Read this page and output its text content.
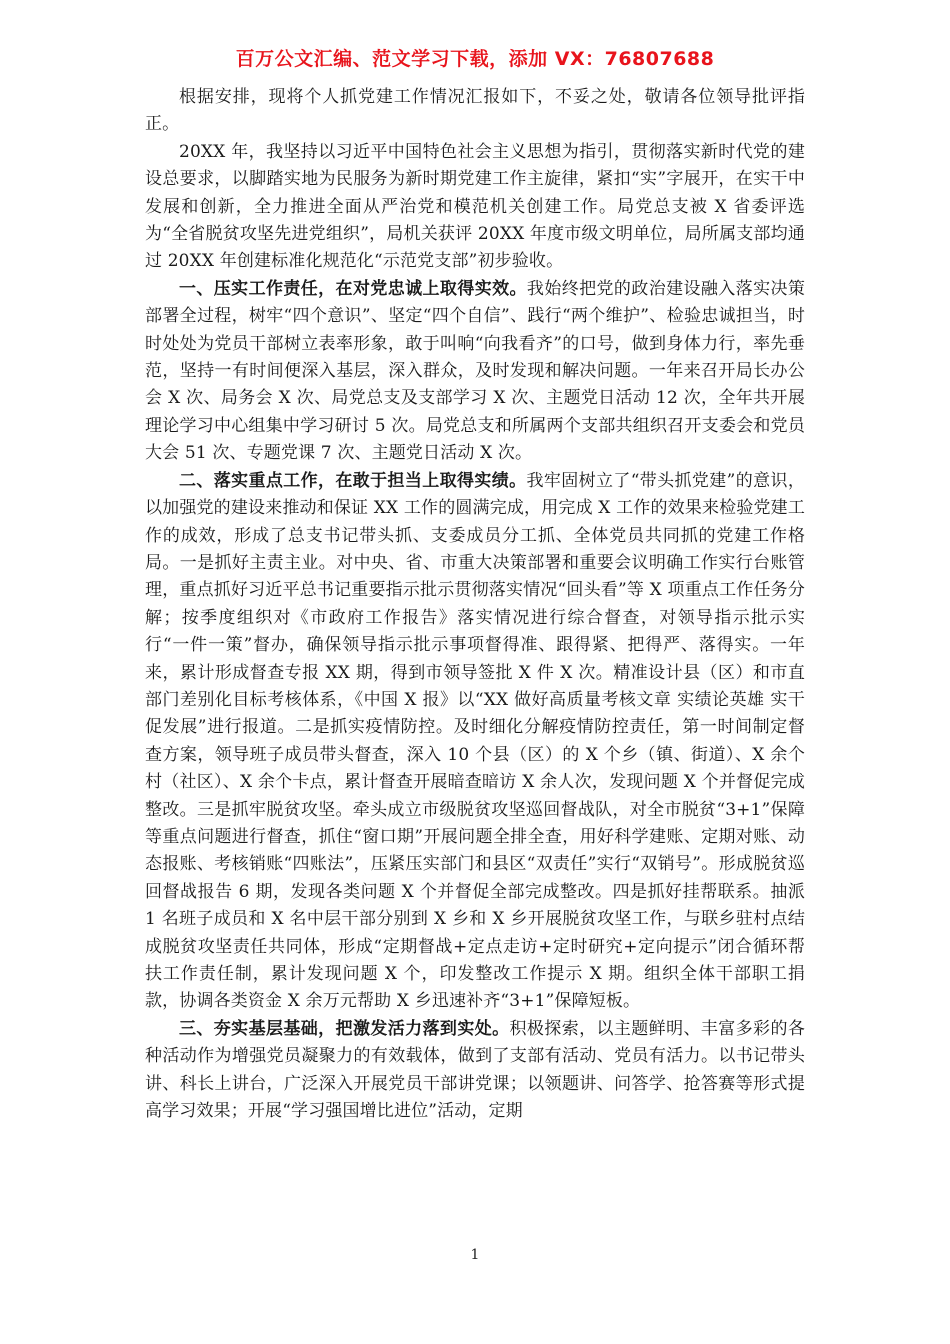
百万公文汇编、范文学习下载，添加 VX：76807688

根据安排，现将个人抓党建工作情况汇报如下，不妥之处，敬请各位领导批评指正。

20XX 年，我坚持以习近平中国特色社会主义思想为指引，贯彻落实新时代党的建设总要求，以脚踏实地为民服务为新时期党建工作主旋律，紧扣“实”字展开，在实干中发展和创新，全力推进全面从严治党和模范机关创建工作。局党总支被 X 省委评选为“全省脱贫攻坚先进党组织”，局机关获评 20XX 年度市级文明单位，局所属支部均通过 20XX 年创建标准化规范化“示范党支部”初步验收。

一、压实工作责任，在对党忠诚上取得实效。我始终把党的政治建设融入落实决策部署全过程，树牢“四个意识”、坚定“四个自信”、践行“两个维护”、检验忠诚担当，时时处处为党员干部树立表率形象，敢于叫响“向我看齐”的口号，做到身体力行，率先垂范，坚持一有时间便深入基层，深入群众，及时发现和解决问题。一年来召开局长办公会 X 次、局务会 X 次、局党总支及支部学习 X 次、主题党日活动 12 次，全年共开展理论学习中心组集中学习研讨 5 次。局党总支和所属两个支部共组织召开支委会和党员大会 51 次、专题党课 7 次、主题党日活动 X 次。

二、落实重点工作，在敢于担当上取得实绩。我牢固树立了“带头抓党建”的意识，以加强党的建设来推动和保证 XX 工作的圆满完成，用完成 X 工作的效果来检验党建工作的成效，形成了总支书记带头抓、支委成员分工抓、全体党员共同抓的党建工作格局。一是抓好主责主业。对中央、省、市重大决策部署和重要会议明确工作实行台账管理，重点抓好习近平总书记重要指示批示贯彻落实情况“回头看”等 X 项重点工作任务分解；按季度组织对《市政府工作报告》落实情况进行综合督查，对领导指示批示实行“一件一策”督办，确保领导指示批示事项督得准、跟得紧、把得严、落得实。一年来，累计形成督查专报 XX 期，得到市领导签批 X 件 X 次。精准设计县（区）和市直部门差别化目标考核体系，《中国 X 报》以“XX 做好高质量考核文章 实绩论英雄 实干促发展”进行报道。二是抓实疫情防控。及时细化分解疫情防控责任，第一时间制定督查方案，领导班子成员带头督查，深入 10 个县（区）的 X 个乡（镇、街道）、X 余个村（社区）、X 余个卡点，累计督查开展暗查暗访 X 余人次，发现问题 X 个并督促完成整改。三是抓牢脱贫攻坚。牵头成立市级脱贫攻坚巡回督战队，对全市脱贫“3+1”保障等重点问题进行督查，抓住“窗口期”开展问题全排全查，用好科学建账、定期对账、动态报账、考核销账“四账法”，压紧压实部门和县区“双责任”实行“双销号”。形成脱贫巡回督战报告 6 期，发现各类问题 X 个并督促全部完成整改。四是抓好挂帮联系。抽派 1 名班子成员和 X 名中层干部分别到 X 乡和 X 乡开展脱贫攻坚工作，与联乡驻村点结成脱贫攻坚责任共同体，形成“定期督战+定点走访+定时研究+定向提示”闭合循环帮扶工作责任制，累计发现问题 X 个，印发整改工作提示 X 期。组织全体干部职工捐款，协调各类资金 X 余万元帮助 X 乡迅速补齐“3+1”保障短板。

三、夯实基层基础，把激发活力落到实处。积极探索，以主题鲜明、丰富多彩的各种活动作为增强党员凝聚力的有效载体，做到了支部有活动、党员有活力。以书记带头讲、科长上讲台，广泛深入开展党员干部讲党课；以领题讲、问答学、抢答赛等形式提高学习效果；开展“学习强国增比进位”活动，定期

1
